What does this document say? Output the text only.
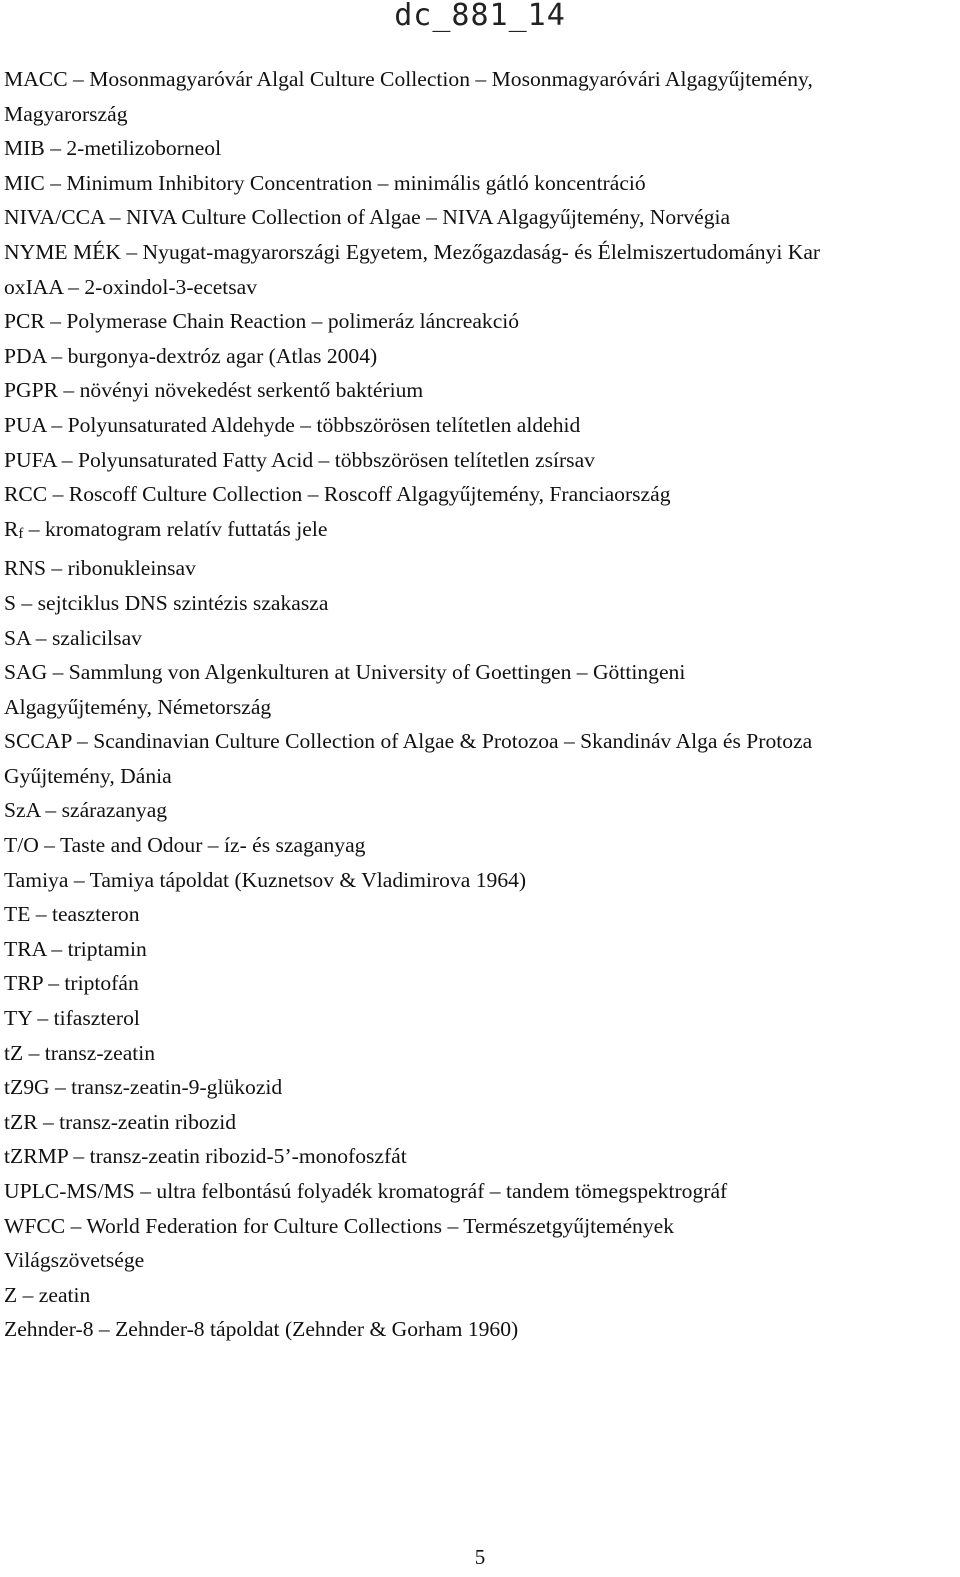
dc_881_14
MACC – Mosonmagyaróvár Algal Culture Collection – Mosonmagyaróvári Algagyűjtemény,
Magyarország
MIB – 2-metilizoborneol
MIC – Minimum Inhibitory Concentration – minimális gátló koncentráció
NIVA/CCA – NIVA Culture Collection of Algae – NIVA Algagyűjtemény, Norvégia
NYME MÉK – Nyugat-magyarországi Egyetem, Mezőgazdaság- és Élelmiszertudományi Kar
oxIAA – 2-oxindol-3-ecetsav
PCR – Polymerase Chain Reaction – polimeráz láncreakció
PDA – burgonya-dextróz agar (Atlas 2004)
PGPR – növényi növekedést serkentő baktérium
PUA – Polyunsaturated Aldehyde – többszörösen telítetlen aldehid
PUFA – Polyunsaturated Fatty Acid – többszörösen telítetlen zsírsav
RCC – Roscoff Culture Collection – Roscoff Algagyűjtemény, Franciaország
Rf – kromatogram relatív futtatás jele
RNS – ribonukleinsav
S – sejtciklus DNS szintézis szakasza
SA – szalicilsav
SAG – Sammlung von Algenkulturen at University of Goettingen – Göttingeni
Algagyűjtemény, Németország
SCCAP – Scandinavian Culture Collection of Algae & Protozoa – Skandináv Alga és Protoza
Gyűjtemény, Dánia
SzA – szárazanyag
T/O – Taste and Odour – íz- és szaganyag
Tamiya – Tamiya tápoldat (Kuznetsov & Vladimirova 1964)
TE – teaszteron
TRA – triptamin
TRP – triptofán
TY – tifaszterol
tZ – transz-zeatin
tZ9G – transz-zeatin-9-glükozid
tZR – transz-zeatin ribozid
tZRMP – transz-zeatin ribozid-5’-monofoszfát
UPLC-MS/MS – ultra felbontású folyadék kromatográf – tandem tömegspektrográf
WFCC – World Federation for Culture Collections – Természetgyűjtemények
Világszövetsége
Z – zeatin
Zehnder-8 – Zehnder-8 tápoldat (Zehnder & Gorham 1960)
5
